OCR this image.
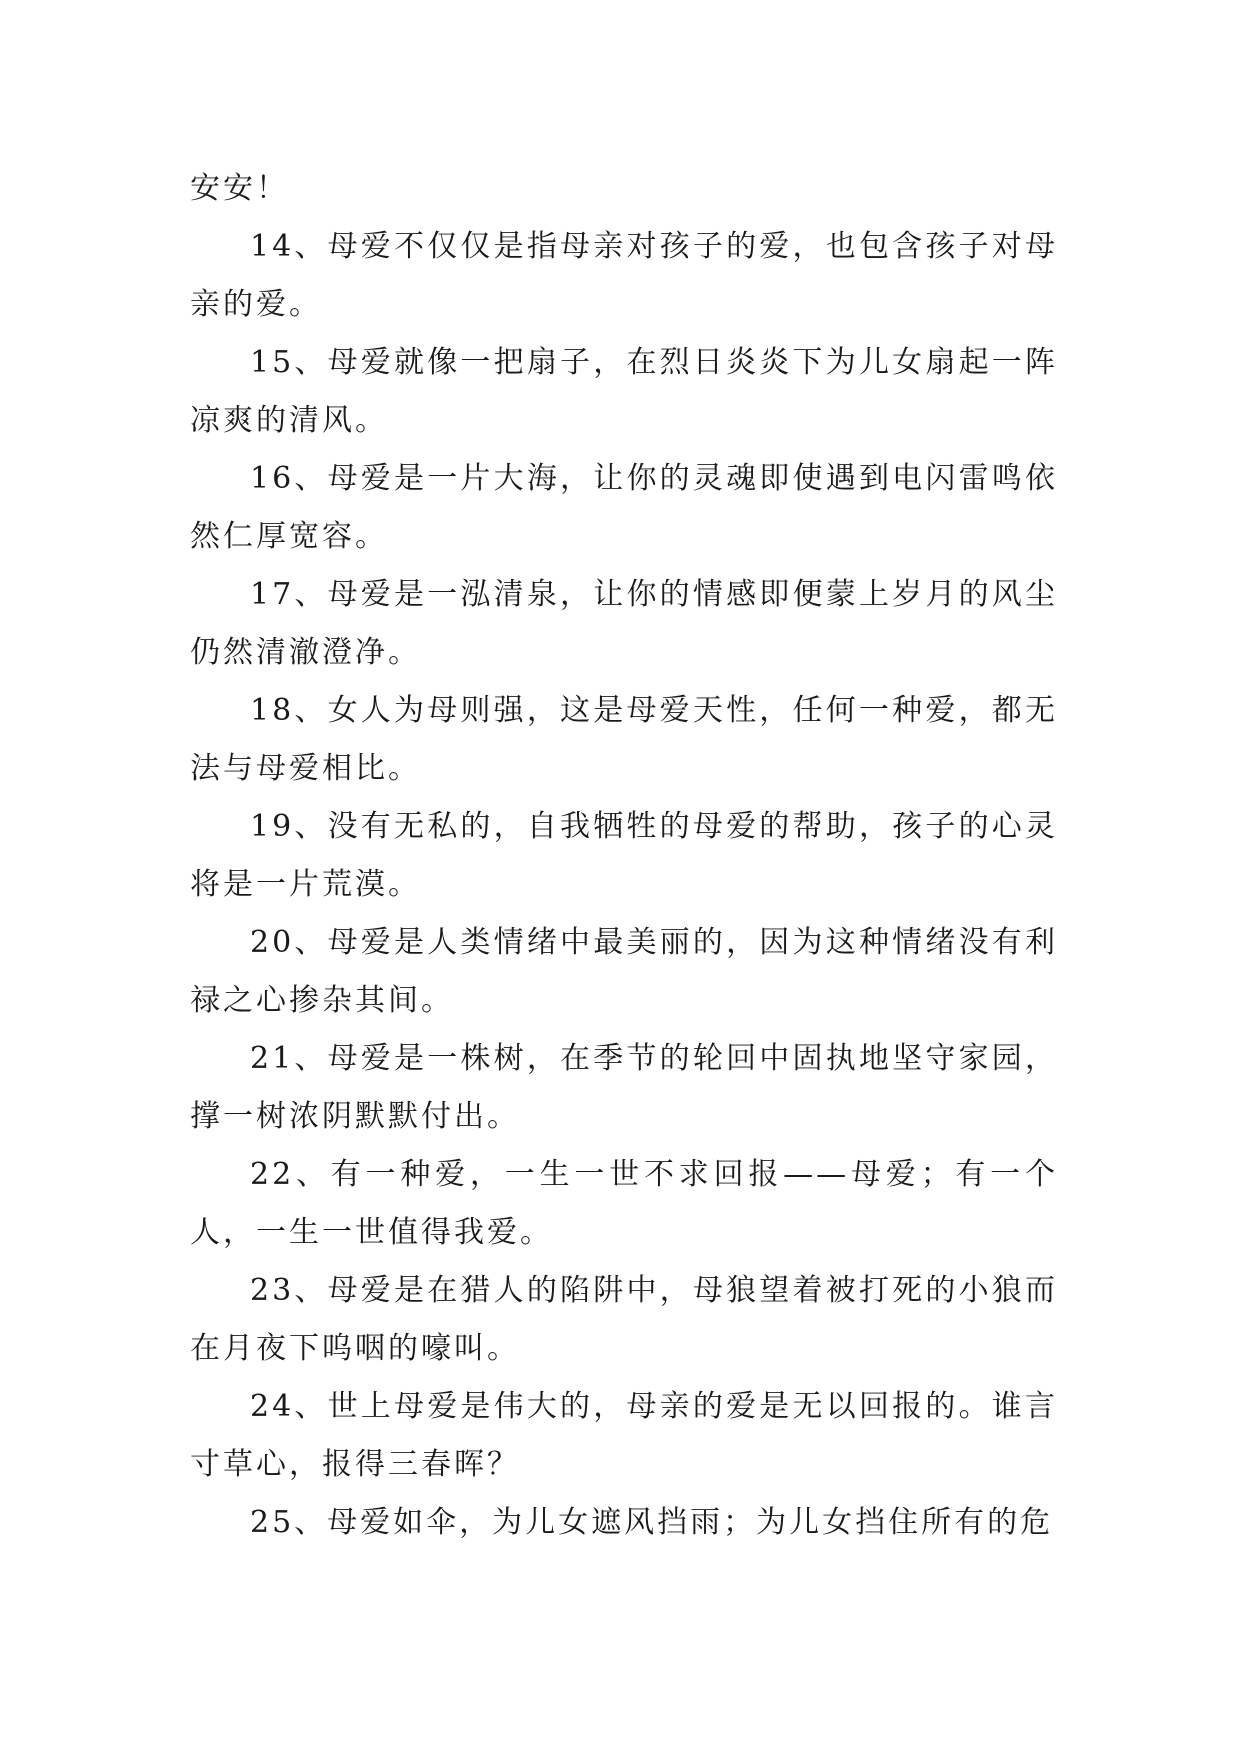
安安！

14、母爱不仅仅是指母亲对孩子的爱，也包含孩子对母亲的爱。

15、母爱就像一把扇子，在烈日炎炎下为儿女扇起一阵凉爽的清风。

16、母爱是一片大海，让你的灵魂即使遇到电闪雷鸣依然仁厚宽容。

17、母爱是一泓清泉，让你的情感即便蒙上岁月的风尘仍然清澈澄净。

18、女人为母则强，这是母爱天性，任何一种爱，都无法与母爱相比。

19、没有无私的，自我牺牲的母爱的帮助，孩子的心灵将是一片荒漠。

20、母爱是人类情绪中最美丽的，因为这种情绪没有利禄之心掺杂其间。

21、母爱是一株树，在季节的轮回中固执地坚守家园，撑一树浓阴默默付出。

22、有一种爱，一生一世不求回报——母爱；有一个人，一生一世值得我爱。

23、母爱是在猎人的陷阱中，母狼望着被打死的小狼而在月夜下呜咽的嚎叫。

24、世上母爱是伟大的，母亲的爱是无以回报的。谁言寸草心，报得三春晖？

25、母爱如伞，为儿女遮风挡雨；为儿女挡住所有的危
